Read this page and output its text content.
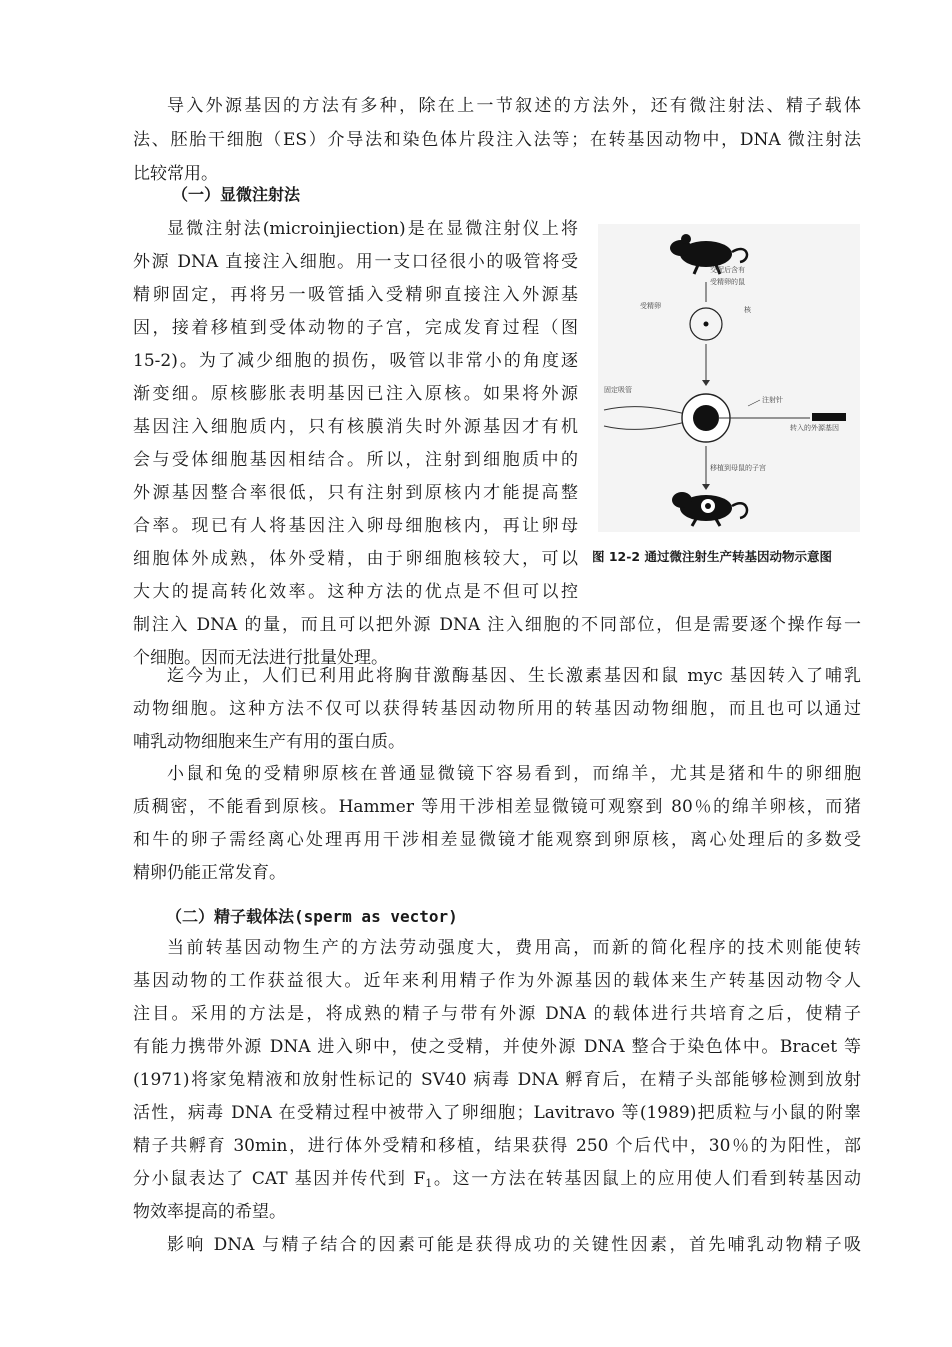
导入外源基因的方法有多种，除在上一节叙述的方法外，还有微注射法、精子载体
法、胚胎干细胞（ES）介导法和染色体片段注入法等；在转基因动物中，DNA 微注射法
比较常用。
（一）显微注射法
显微注射法(microinjiection)是在显微注射仪上将
外源 DNA 直接注入细胞。用一支口径很小的吸管将受
精卵固定，再将另一吸管插入受精卵直接注入外源基
因，接着移植到受体动物的子宫，完成发育过程（图
15-2)。为了减少细胞的损伤，吸管以非常小的角度逐
渐变细。原核膨胀表明基因已注入原核。如果将外源
基因注入细胞质内，只有核膜消失时外源基因才有机
会与受体细胞基因相结合。所以，注射到细胞质中的
外源基因整合率很低，只有注射到原核内才能提高整
合率。现已有人将基因注入卵母细胞核内，再让卵母
细胞体外成熟，体外受精，由于卵细胞核较大，可以
大大的提高转化效率。这种方法的优点是不但可以控
制注入 DNA 的量，而且可以把外源 DNA 注入细胞的不同部位，但是需要逐个操作每一
个细胞。因而无法进行批量处理。
交配后含有
受精卵的鼠
受精卵	核
固定吸管
注射针
转入的外源基因
移植到母鼠的子宫
图 12-2 通过微注射生产转基因动物示意图
迄今为止，人们已利用此将胸苷激酶基因、生长激素基因和鼠 myc 基因转入了哺乳
动物细胞。这种方法不仅可以获得转基因动物所用的转基因动物细胞，而且也可以通过
哺乳动物细胞来生产有用的蛋白质。
小鼠和兔的受精卵原核在普通显微镜下容易看到，而绵羊，尤其是猪和牛的卵细胞
质稠密，不能看到原核。Hammer 等用干涉相差显微镜可观察到 80％的绵羊卵核，而猪
和牛的卵子需经离心处理再用干涉相差显微镜才能观察到卵原核，离心处理后的多数受
精卵仍能正常发育。
（二）精子载体法(sperm as vector)
当前转基因动物生产的方法劳动强度大，费用高，而新的简化程序的技术则能使转
基因动物的工作获益很大。近年来利用精子作为外源基因的载体来生产转基因动物令人
注目。采用的方法是，将成熟的精子与带有外源 DNA 的载体进行共培育之后，使精子
有能力携带外源 DNA 进入卵中，使之受精，并使外源 DNA 整合于染色体中。Bracet 等
(1971)将家兔精液和放射性标记的 SV40 病毒 DNA 孵育后，在精子头部能够检测到放射
活性，病毒 DNA 在受精过程中被带入了卵细胞；Lavitravo 等(1989)把质粒与小鼠的附睾
精子共孵育 30min，进行体外受精和移植，结果获得 250 个后代中，30％的为阳性，部
分小鼠表达了 CAT 基因并传代到 $F_1$。这一方法在转基因鼠上的应用使人们看到转基因动
物效率提高的希望。
影响 DNA 与精子结合的因素可能是获得成功的关键性因素，首先哺乳动物精子吸
